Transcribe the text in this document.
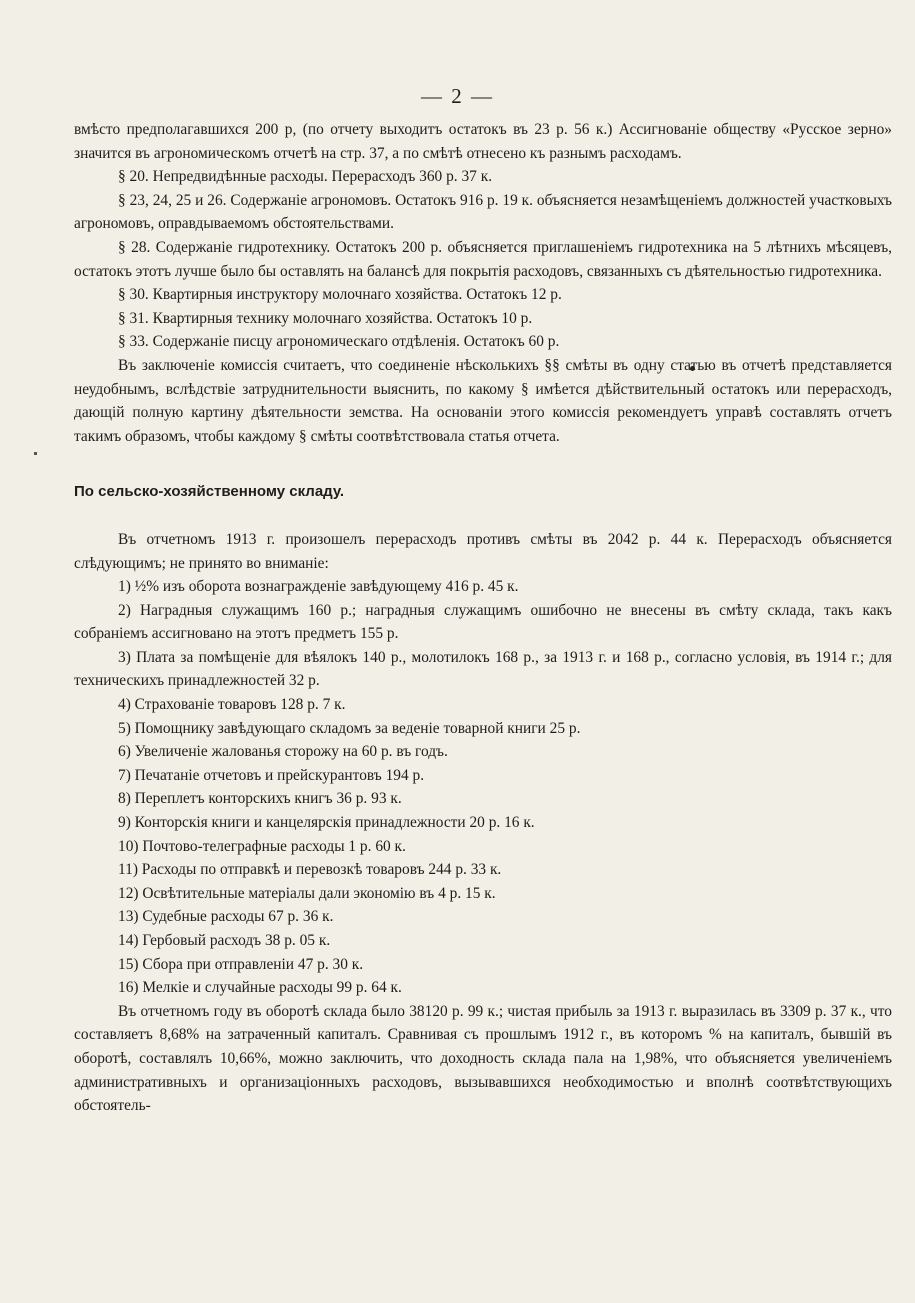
— 2 —

вмѣсто предполагавшихся 200 р, (по отчету выходитъ остатокъ въ 23 р. 56 к.) Ассигнованіе обществу «Русское зерно» значится въ агрономическомъ отчетѣ на стр. 37, а по смѣтѣ отнесено къ разнымъ расходамъ.

§ 20. Непредвидѣнные расходы. Перерасходъ 360 р. 37 к.

§ 23, 24, 25 и 26. Содержаніе агрономовъ. Остатокъ 916 р. 19 к. объясняется незамѣщеніемъ должностей участковыхъ агрономовъ, оправдываемомъ обстоятельствами.

§ 28. Содержаніе гидротехнику. Остатокъ 200 р. объясняется приглашеніемъ гидротехника на 5 лѣтнихъ мѣсяцевъ, остатокъ этотъ лучше было бы оставлять на балансѣ для покрытія расходовъ, связанныхъ съ дѣятельностью гидротехника.

§ 30. Квартирныя инструктору молочнаго хозяйства. Остатокъ 12 р.

§ 31. Квартирныя технику молочнаго хозяйства. Остатокъ 10 р.

§ 33. Содержаніе писцу агрономическаго отдѣленія. Остатокъ 60 р.

Въ заключеніе комиссія считаетъ, что соединеніе нѣсколькихъ §§ смѣты въ одну статью въ отчетѣ представляется неудобнымъ, вслѣдствіе затруднительности выяснить, по какому § имѣется дѣйствительный остатокъ или перерасходъ, дающій полную картину дѣятельности земства. На основаніи этого комиссія рекомендуетъ управѣ составлять отчетъ такимъ образомъ, чтобы каждому § смѣты соотвѣтствовала статья отчета.

По сельско-хозяйственному складу.

Въ отчетномъ 1913 г. произошелъ перерасходъ противъ смѣты въ 2042 р. 44 к. Перерасходъ объясняется слѣдующимъ; не принято во вниманіе:

1) ½% изъ оборота вознагражденіе завѣдующему 416 р. 45 к.

2) Наградныя служащимъ 160 р.; наградныя служащимъ ошибочно не внесены въ смѣту склада, такъ какъ собраніемъ ассигновано на этотъ предметъ 155 р.

3) Плата за помѣщеніе для вѣялокъ 140 р., молотилокъ 168 р., за 1913 г. и 168 р., согласно условія, въ 1914 г.; для техническихъ принадлежностей 32 р.

4) Страхованіе товаровъ 128 р. 7 к.

5) Помощнику завѣдующаго складомъ за веденіе товарной книги 25 р.

6) Увеличеніе жалованья сторожу на 60 р. въ годъ.

7) Печатаніе отчетовъ и прейскурантовъ 194 р.

8) Переплетъ конторскихъ книгъ 36 р. 93 к.

9) Конторскія книги и канцелярскія принадлежности 20 р. 16 к.

10) Почтово-телеграфные расходы 1 р. 60 к.

11) Расходы по отправкѣ и перевозкѣ товаровъ 244 р. 33 к.

12) Освѣтительные матеріалы дали экономію въ 4 р. 15 к.

13) Судебные расходы 67 р. 36 к.

14) Гербовый расходъ 38 р. 05 к.

15) Сбора при отправленіи 47 р. 30 к.

16) Мелкіе и случайные расходы 99 р. 64 к.

Въ отчетномъ году въ оборотѣ склада было 38120 р. 99 к.; чистая прибыль за 1913 г. выразилась въ 3309 р. 37 к., что составляетъ 8,68% на затраченный капиталъ. Сравнивая съ прошлымъ 1912 г., въ которомъ % на капиталъ, бывшій въ оборотѣ, составлялъ 10,66%, можно заключить, что доходность склада пала на 1,98%, что объясняется увеличеніемъ административныхъ и организаціонныхъ расходовъ, вызывавшихся необходимостью и вполнѣ соотвѣтствующихъ обстоятель-
